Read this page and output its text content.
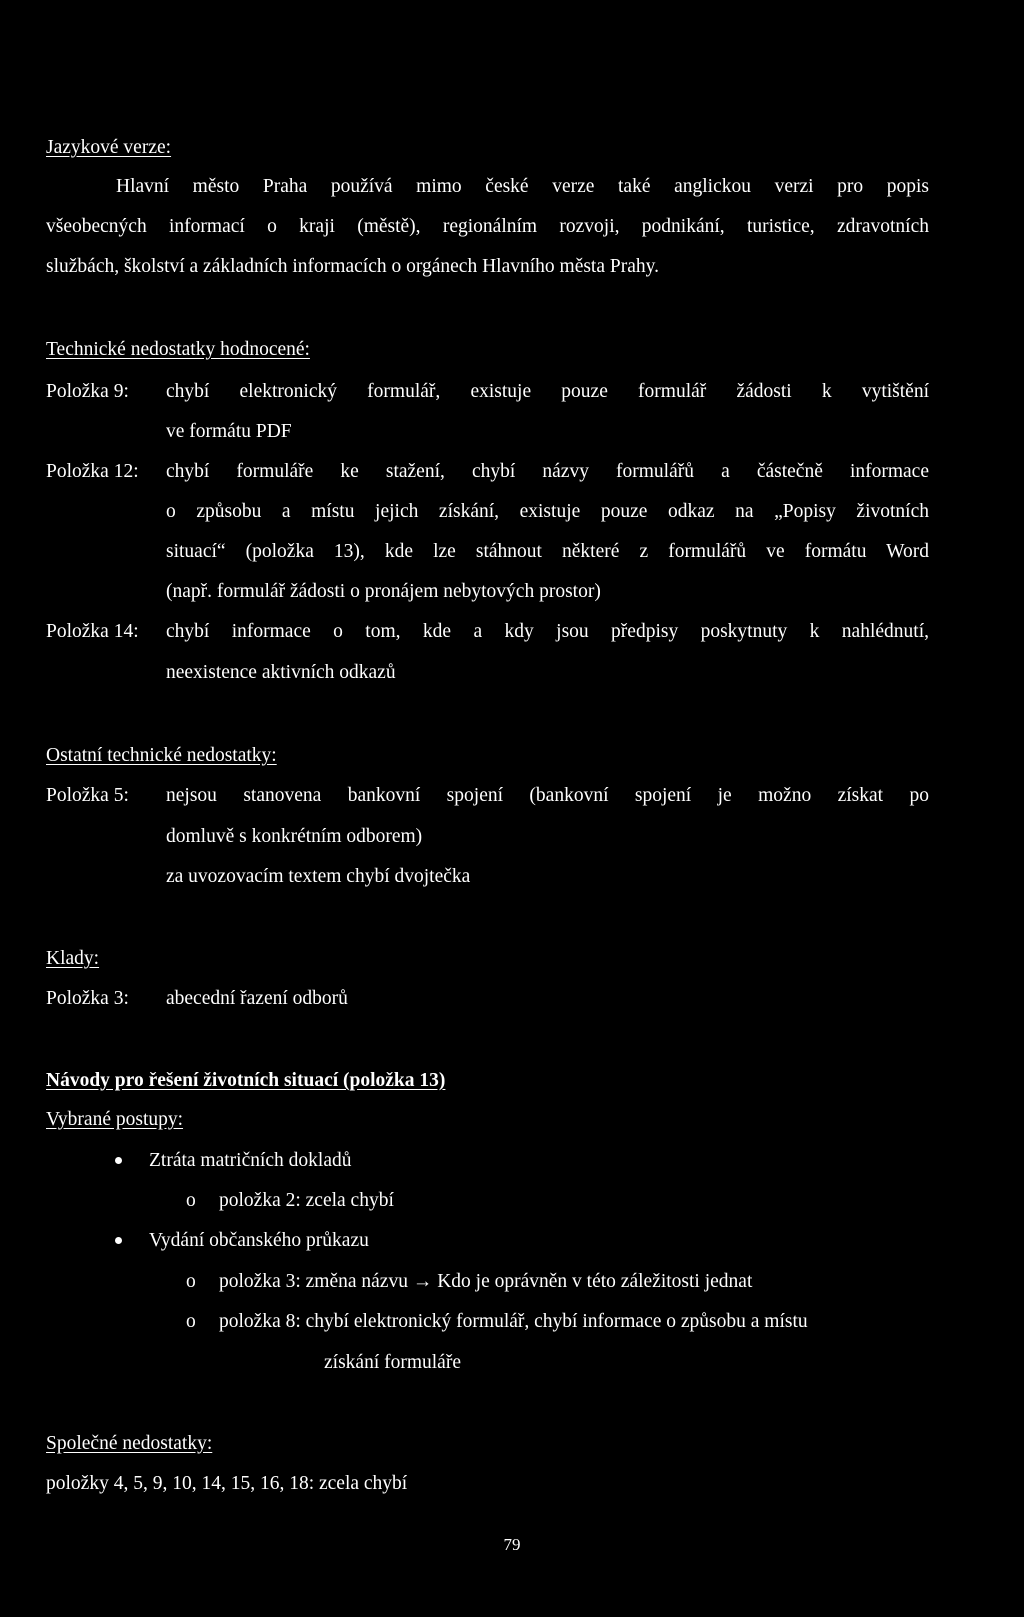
Jazykové verze:
Hlavní město Praha používá mimo české verze také anglickou verzi pro popis
všeobecných informací o kraji (městě), regionálním rozvoji, podnikání, turistice, zdravotních
službách, školství a základních informacích o orgánech Hlavního města Prahy.
Technické nedostatky hodnocené:
Položka 9: chybí elektronický formulář, existuje pouze formulář žádosti k vytištění
ve formátu PDF
Položka 12: chybí formuláře ke stažení, chybí názvy formulářů a částečně informace
o způsobu a místu jejich získání, existuje pouze odkaz na „Popisy životních
situací“ (položka 13), kde lze stáhnout některé z formulářů ve formátu Word
(např. formulář žádosti o pronájem nebytových prostor)
Položka 14: chybí informace o tom, kde a kdy jsou předpisy poskytnuty k nahlédnutí,
neexistence aktivních odkazů
Ostatní technické nedostatky:
Položka 5: nejsou stanovena bankovní spojení (bankovní spojení je možno získat po
domluvě s konkrétním odborem)
za uvozovacím textem chybí dvojtečka
Klady:
Položka 3: abecední řazení odborů
Návody pro řešení životních situací (položka 13)
Vybrané postupy:
Ztráta matričních dokladů
o položka 2: zcela chybí
Vydání občanského průkazu
o položka 3: změna názvu → Kdo je oprávněn v této záležitosti jednat
o položka 8: chybí elektronický formulář, chybí informace o způsobu a místu
získání formuláře
Společné nedostatky:
položky 4, 5, 9, 10, 14, 15, 16, 18: zcela chybí
79
